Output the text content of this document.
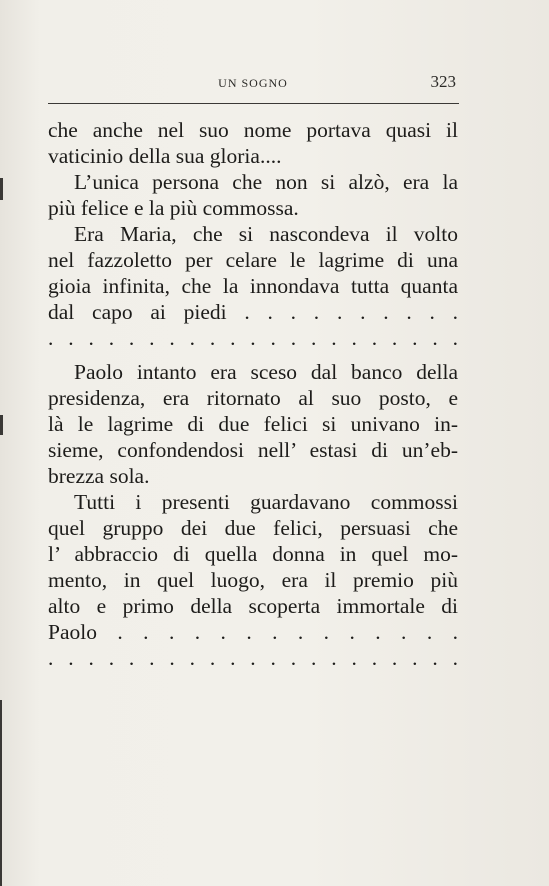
UN SOGNO	323
che anche nel suo nome portava quasi il
vaticinio della sua gloria....
L’unica persona che non si alzò, era la
più felice e la più commossa.
Era Maria, che si nascondeva il volto
nel fazzoletto per celare le lagrime di una
gioia infinita, che la innondava tutta quanta
dal capo ai piedi . . . . . . . . . .
. . . . . . . . . . . . . . . . . . . . .
Paolo intanto era sceso dal banco della
presidenza, era ritornato al suo posto, e
là le lagrime di due felici si univano in-
sieme, confondendosi nell’ estasi di un’eb-
brezza sola.
Tutti i presenti guardavano commossi
quel gruppo dei due felici, persuasi che
l’ abbraccio di quella donna in quel mo-
mento, in quel luogo, era il premio più
alto e primo della scoperta immortale di
Paolo . . . . . . . . . . . . . .
. . . . . . . . . . . . . . . . . . . . .
